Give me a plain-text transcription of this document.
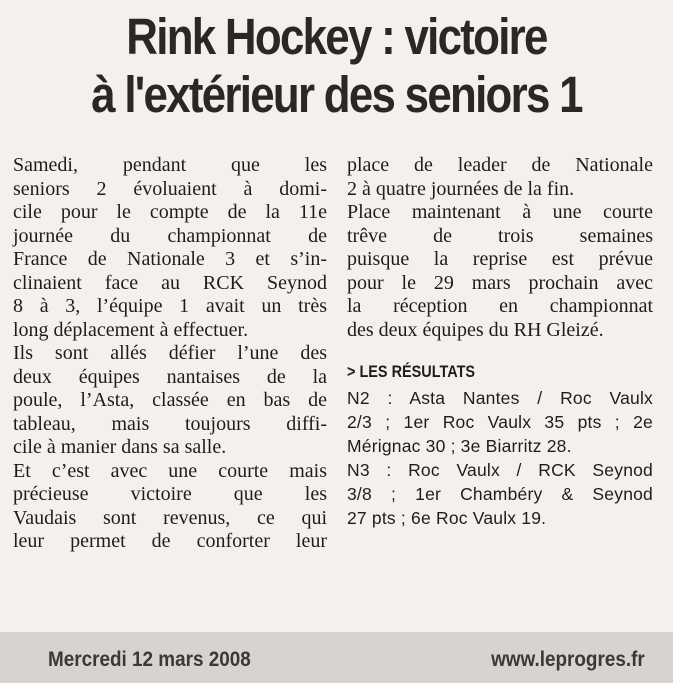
Rink Hockey : victoire
à l'extérieur des seniors 1
Samedi, pendant que les
seniors 2 évoluaient à domi-
cile pour le compte de la 11e
journée du championnat de
France de Nationale 3 et s’in-
clinaient face au RCK Seynod
8 à 3, l’équipe 1 avait un très
long déplacement à effectuer.
Ils sont allés défier l’une des
deux équipes nantaises de la
poule, l’Asta, classée en bas de
tableau, mais toujours diffi-
cile à manier dans sa salle.
Et c’est avec une courte mais
précieuse victoire que les
Vaudais sont revenus, ce qui
leur permet de conforter leur
place de leader de Nationale
2 à quatre journées de la fin.
Place maintenant à une courte
trêve de trois semaines
puisque la reprise est prévue
pour le 29 mars prochain avec
la réception en championnat
des deux équipes du RH Gleizé.
> LES RÉSULTATS
N2 : Asta Nantes / Roc Vaulx
2/3 ; 1er Roc Vaulx 35 pts ; 2e
Mérignac 30 ; 3e Biarritz 28.
N3 : Roc Vaulx / RCK Seynod
3/8 ; 1er Chambéry & Seynod
27 pts ; 6e Roc Vaulx 19.
Mercredi 12 mars 2008	www.leprogres.fr
